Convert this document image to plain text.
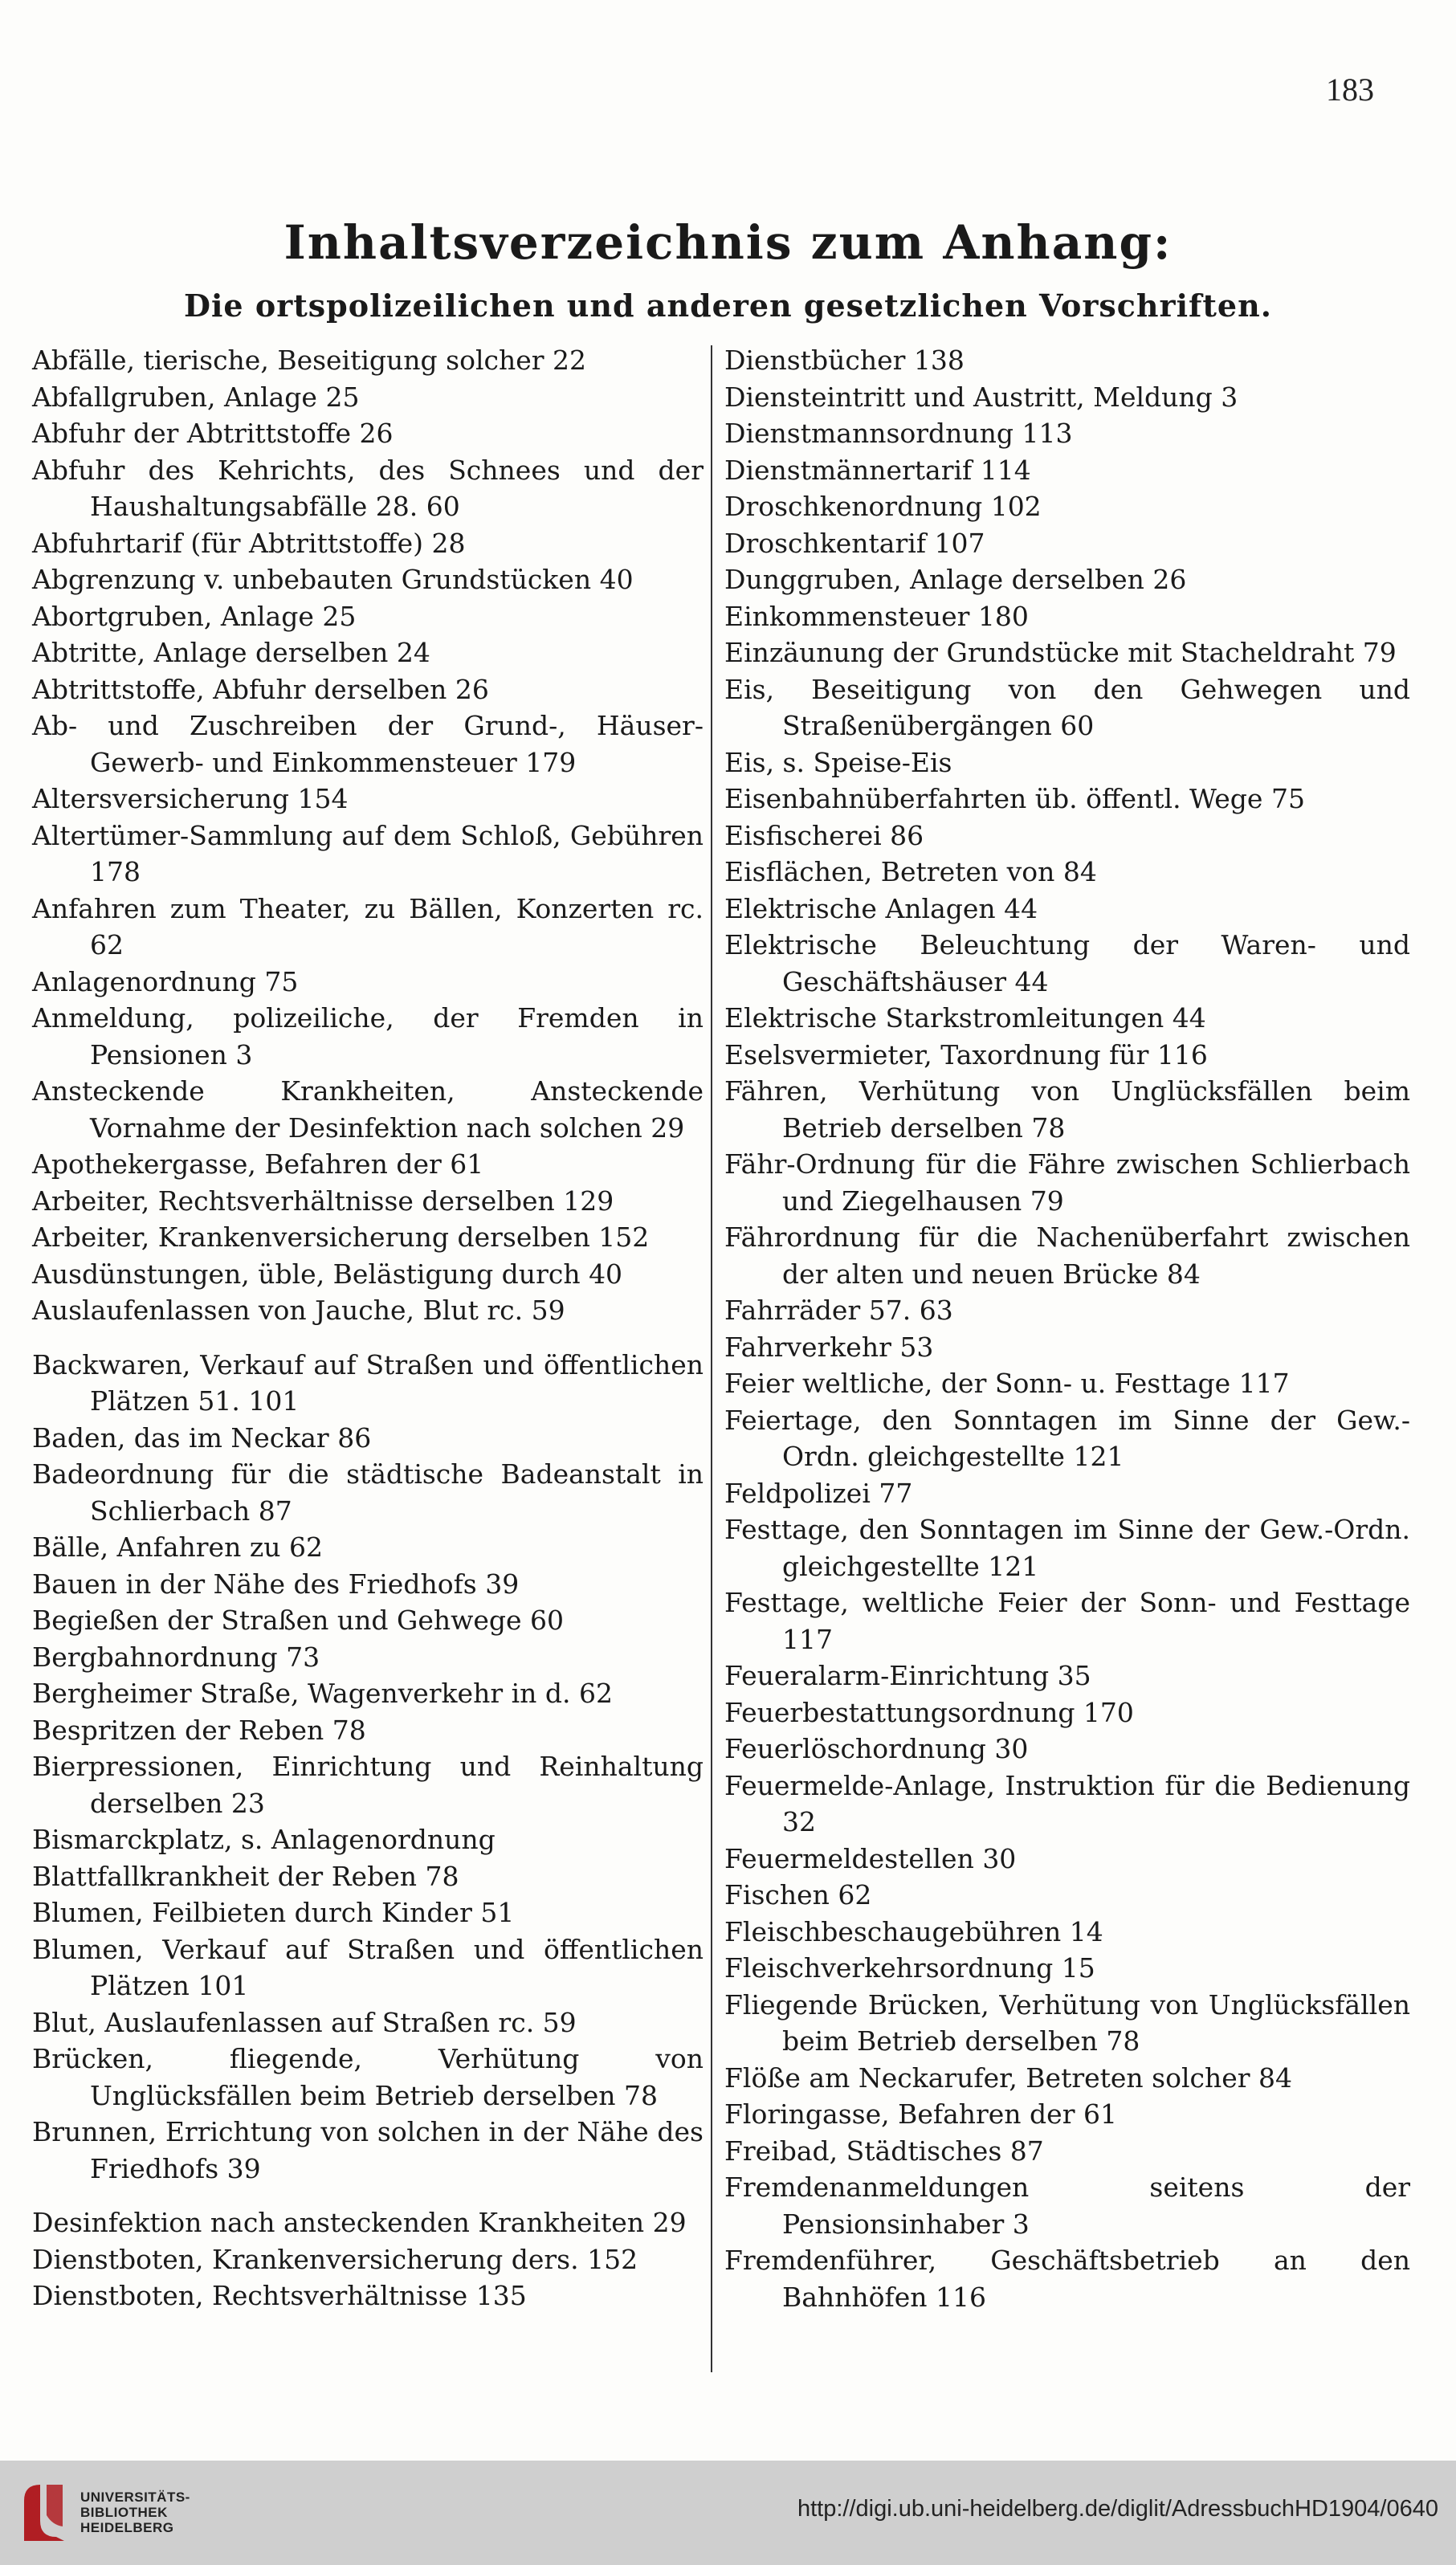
183
Inhaltsverzeichnis zum Anhang:
Die ortspolizeilichen und anderen gesetzlichen Vorschriften.
Abfälle, tierische, Beseitigung solcher 22
Abfallgruben, Anlage 25
Abfuhr der Abtrittstoffe 26
Abfuhr des Kehrichts, des Schnees und der Haushaltungsabfälle 28. 60
Abfuhrtarif (für Abtrittstoffe) 28
Abgrenzung v. unbebauten Grundstücken 40
Abortgruben, Anlage 25
Abtritte, Anlage derselben 24
Abtrittstoffe, Abfuhr derselben 26
Ab- und Zuschreiben der Grund-, Häuser-Gewerb- und Einkommensteuer 179
Altersversicherung 154
Altertümer-Sammlung auf dem Schloß, Gebühren 178
Anfahren zum Theater, zu Bällen, Konzerten rc. 62
Anlagenordnung 75
Anmeldung, polizeiliche, der Fremden in Pensionen 3
Ansteckende Krankheiten, Ansteckende Vornahme der Desinfektion nach solchen 29
Apothekergasse, Befahren der 61
Arbeiter, Rechtsverhältnisse derselben 129
Arbeiter, Krankenversicherung derselben 152
Ausdünstungen, üble, Belästigung durch 40
Auslaufenlassen von Jauche, Blut rc. 59
Backwaren, Verkauf auf Straßen und öffentlichen Plätzen 51. 101
Baden, das im Neckar 86
Badeordnung für die städtische Badeanstalt in Schlierbach 87
Bälle, Anfahren zu 62
Bauen in der Nähe des Friedhofs 39
Begießen der Straßen und Gehwege 60
Bergbahnordnung 73
Bergheimer Straße, Wagenverkehr in d. 62
Bespritzen der Reben 78
Bierpressionen, Einrichtung und Reinhaltung derselben 23
Bismarckplatz, s. Anlagenordnung
Blattfallkrankheit der Reben 78
Blumen, Feilbieten durch Kinder 51
Blumen, Verkauf auf Straßen und öffentlichen Plätzen 101
Blut, Auslaufenlassen auf Straßen rc. 59
Brücken, fliegende, Verhütung von Unglücksfällen beim Betrieb derselben 78
Brunnen, Errichtung von solchen in der Nähe des Friedhofs 39
Desinfektion nach ansteckenden Krankheiten 29
Dienstboten, Krankenversicherung ders. 152
Dienstboten, Rechtsverhältnisse 135
Dienstbücher 138
Diensteintritt und Austritt, Meldung 3
Dienstmannsordnung 113
Dienstmännertarif 114
Droschkenordnung 102
Droschkentarif 107
Dunggruben, Anlage derselben 26
Einkommensteuer 180
Einzäunung der Grundstücke mit Stacheldraht 79
Eis, Beseitigung von den Gehwegen und Straßenübergängen 60
Eis, s. Speise-Eis
Eisenbahnüberfahrten üb. öffentl. Wege 75
Eisfischerei 86
Eisflächen, Betreten von 84
Elektrische Anlagen 44
Elektrische Beleuchtung der Waren- und Geschäftshäuser 44
Elektrische Starkstromleitungen 44
Eselsvermieter, Taxordnung für 116
Fähren, Verhütung von Unglücksfällen beim Betrieb derselben 78
Fähr-Ordnung für die Fähre zwischen Schlierbach und Ziegelhausen 79
Fährordnung für die Nachenüberfahrt zwischen der alten und neuen Brücke 84
Fahrräder 57. 63
Fahrverkehr 53
Feier weltliche, der Sonn- u. Festtage 117
Feiertage, den Sonntagen im Sinne der Gew.-Ordn. gleichgestellte 121
Feldpolizei 77
Festtage, den Sonntagen im Sinne der Gew.-Ordn. gleichgestellte 121
Festtage, weltliche Feier der Sonn- und Festtage 117
Feueralarm-Einrichtung 35
Feuerbestattungsordnung 170
Feuerlöschordnung 30
Feuermelde-Anlage, Instruktion für die Bedienung 32
Feuermeldestellen 30
Fischen 62
Fleischbeschaugebühren 14
Fleischverkehrsordnung 15
Fliegende Brücken, Verhütung von Unglücksfällen beim Betrieb derselben 78
Flöße am Neckarufer, Betreten solcher 84
Floringasse, Befahren der 61
Freibad, Städtisches 87
Fremdenanmeldungen seitens der Pensionsinhaber 3
Fremdenführer, Geschäftsbetrieb an den Bahnhöfen 116
UNIVERSITÄTS-
BIBLIOTHEK
HEIDELBERG
http://digi.ub.uni-heidelberg.de/diglit/AdressbuchHD1904/0640
